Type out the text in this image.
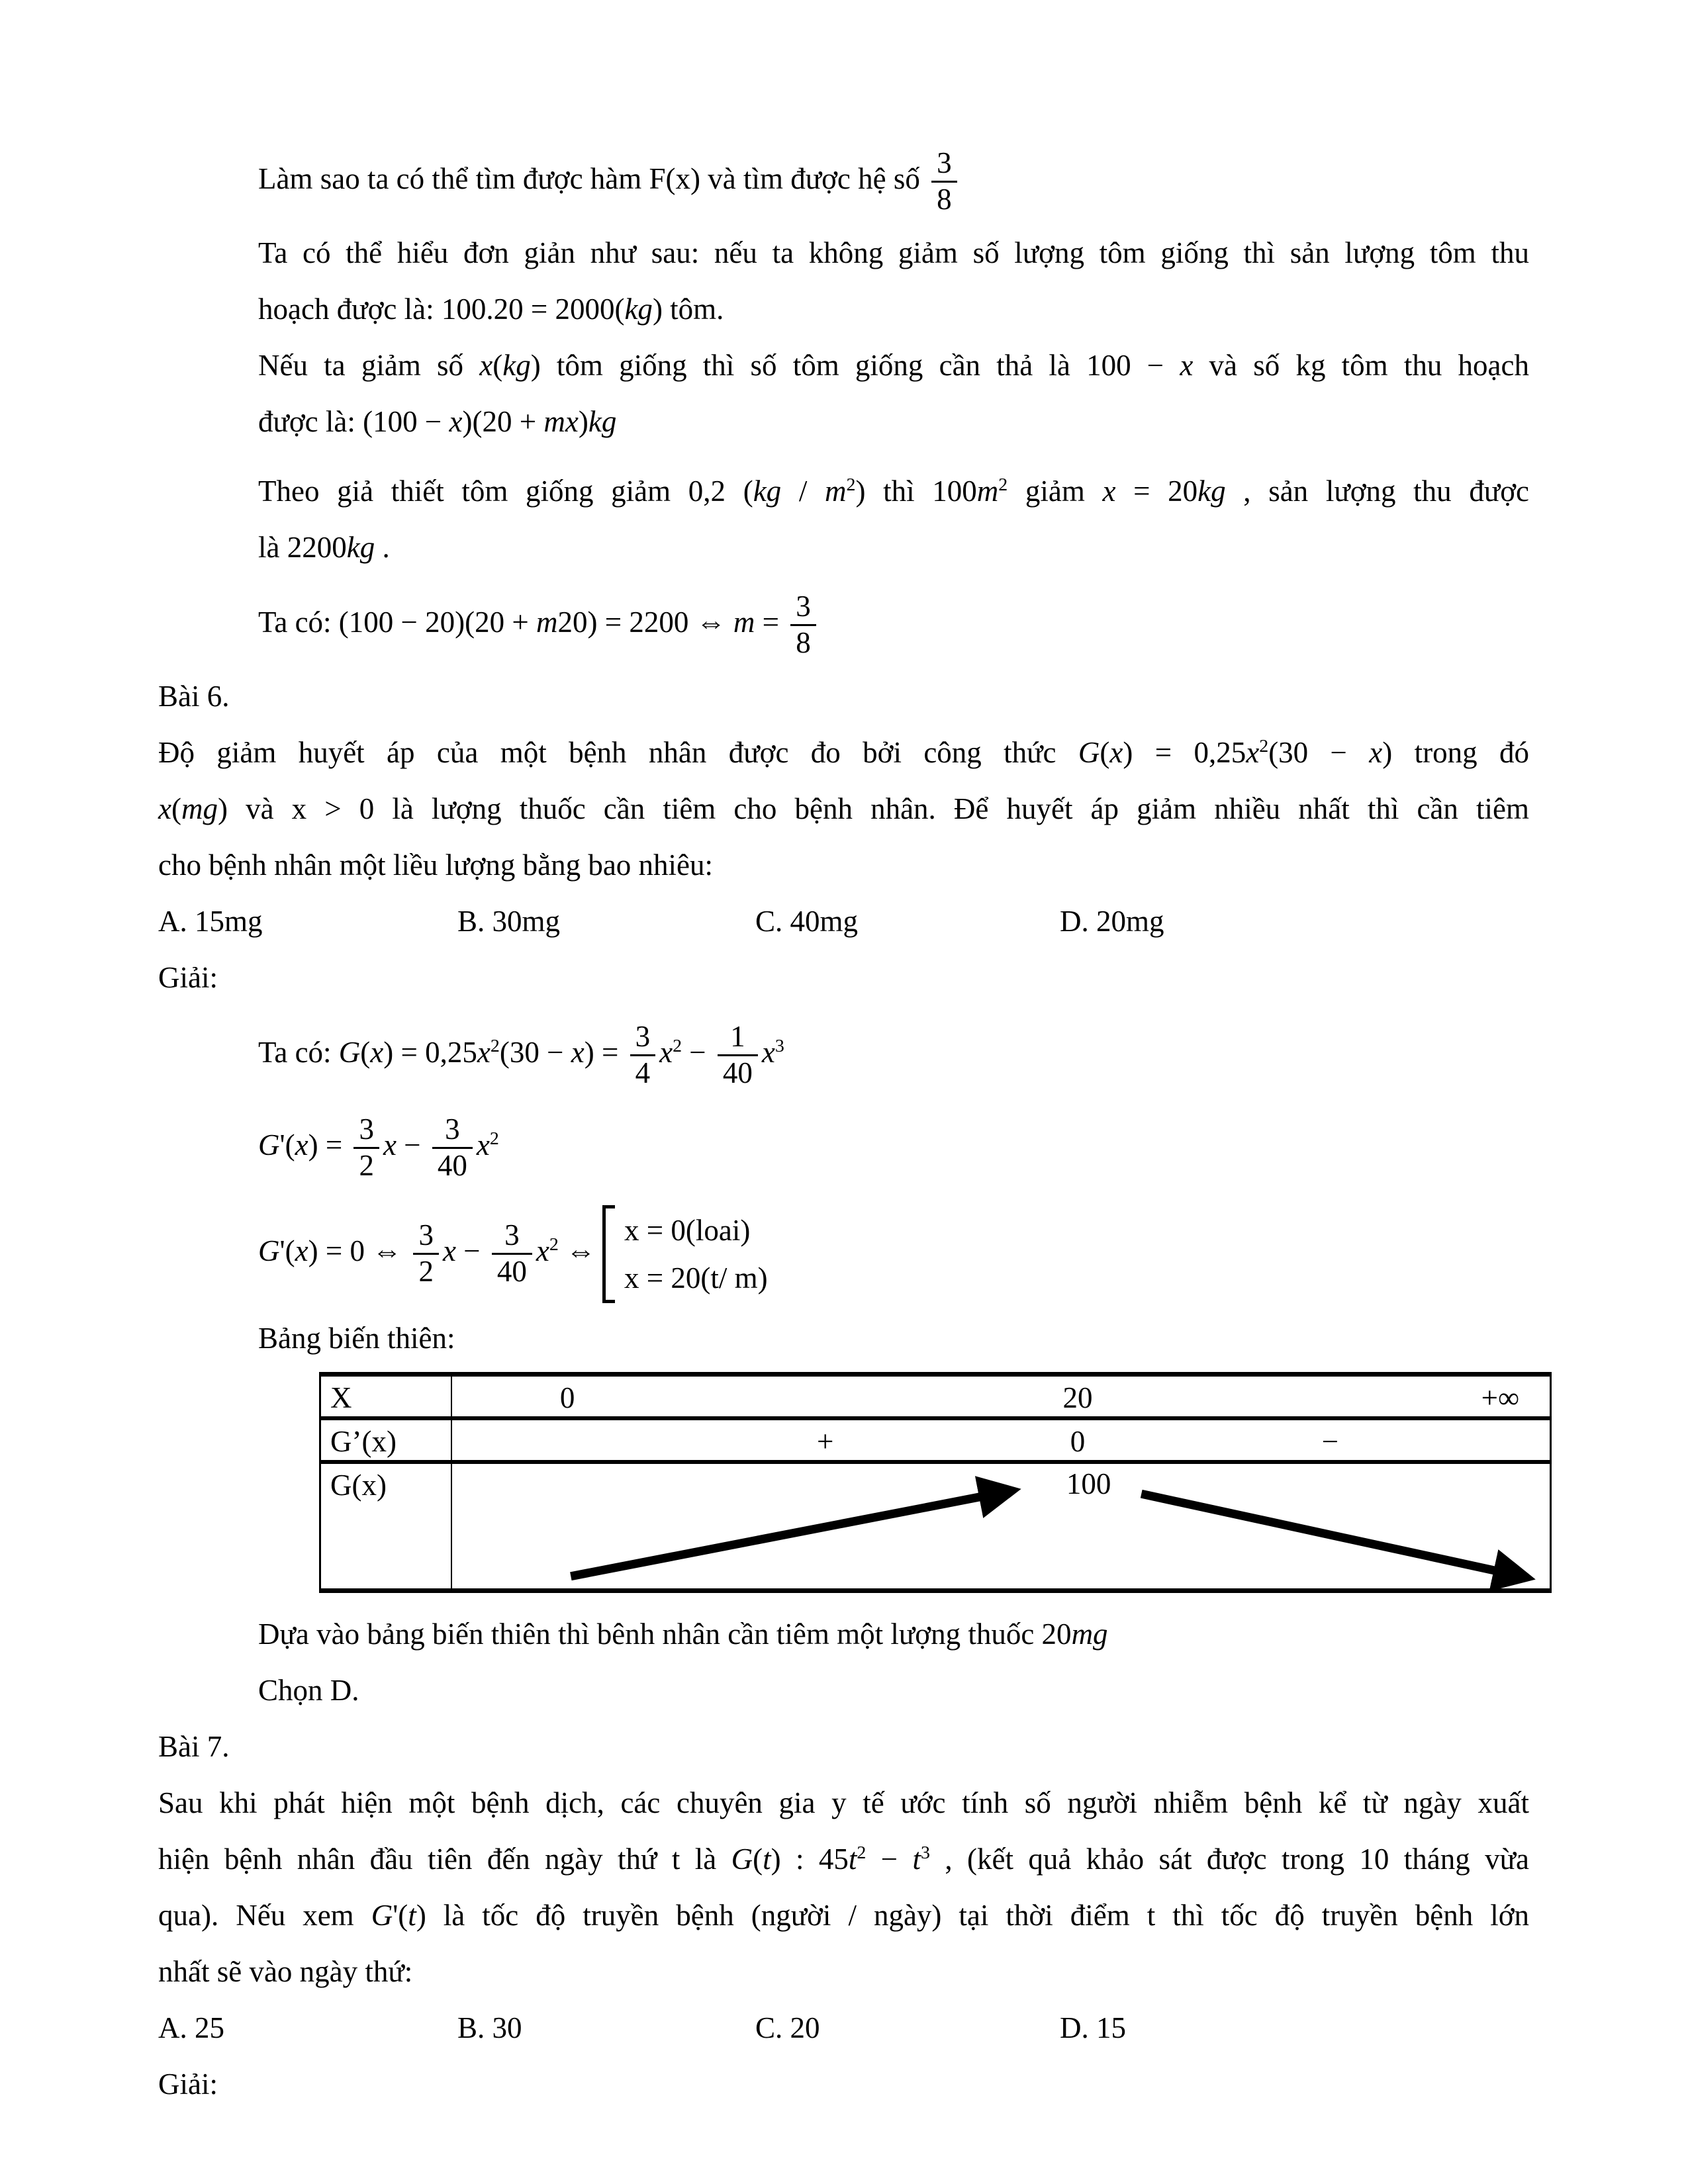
Làm sao ta có thể tìm được hàm F(x) và tìm được hệ số $\frac{3}{8}$
Ta có thể hiểu đơn giản như sau: nếu ta không giảm số lượng tôm giống thì sản lượng tôm thu
hoạch được là: 100.20 = 2000(kg) tôm.
Nếu ta giảm số x(kg) tôm giống thì số tôm giống cần thả là 100 − x và số kg tôm thu hoạch
được là: (100 − x)(20 + mx)kg
Theo giả thiết tôm giống giảm 0,2 $(kg / m^2)$ thì $100m^2$ giảm x = 20kg , sản lượng thu được
là 2200kg .
Ta có: (100 − 20)(20 + m20) = 2200 ⇔ $m = \frac{3}{8}$
Bài 6.
Độ giảm huyết áp của một bệnh nhân được đo bởi công thức $G(x) = 0,25x^2(30 - x)$ trong đó
x(mg) và x > 0 là lượng thuốc cần tiêm cho bệnh nhân. Để huyết áp giảm nhiều nhất thì cần tiêm
cho bệnh nhân một liều lượng bằng bao nhiêu:
A. 15mg	B. 30mg	C. 40mg	D. 20mg
Giải:
Ta có: $G(x) = 0,25x^2(30 - x) = \frac{3}{4} x^2 - \frac{1}{40} x^3$
$G'(x) = \frac{3}{2}$ $x - \frac{3}{40} x^2$
G'(x) = 0 ⇔ $\frac{3}{2}$ $x - \frac{3}{40} x^2$ ⇔
x = 0(loai)
x = 20(t/ m)
Bảng biến thiên:
X	0	20	+∞
G’(x)	+	0	−
G(x)	100
Dựa vào bảng biến thiên thì bênh nhân cần tiêm một lượng thuốc 20mg
Chọn D.
Bài 7.
Sau khi phát hiện một bệnh dịch, các chuyên gia y tế ước tính số người nhiễm bệnh kể từ ngày xuất
hiện bệnh nhân đầu tiên đến ngày thứ t là G(t) : $45t^2 - t^3$ , (kết quả khảo sát được trong 10 tháng vừa
qua). Nếu xem G'(t) là tốc độ truyền bệnh (người / ngày) tại thời điểm t thì tốc độ truyền bệnh lớn
nhất sẽ vào ngày thứ:
A. 25	B. 30	C. 20	D. 15
Giải:
